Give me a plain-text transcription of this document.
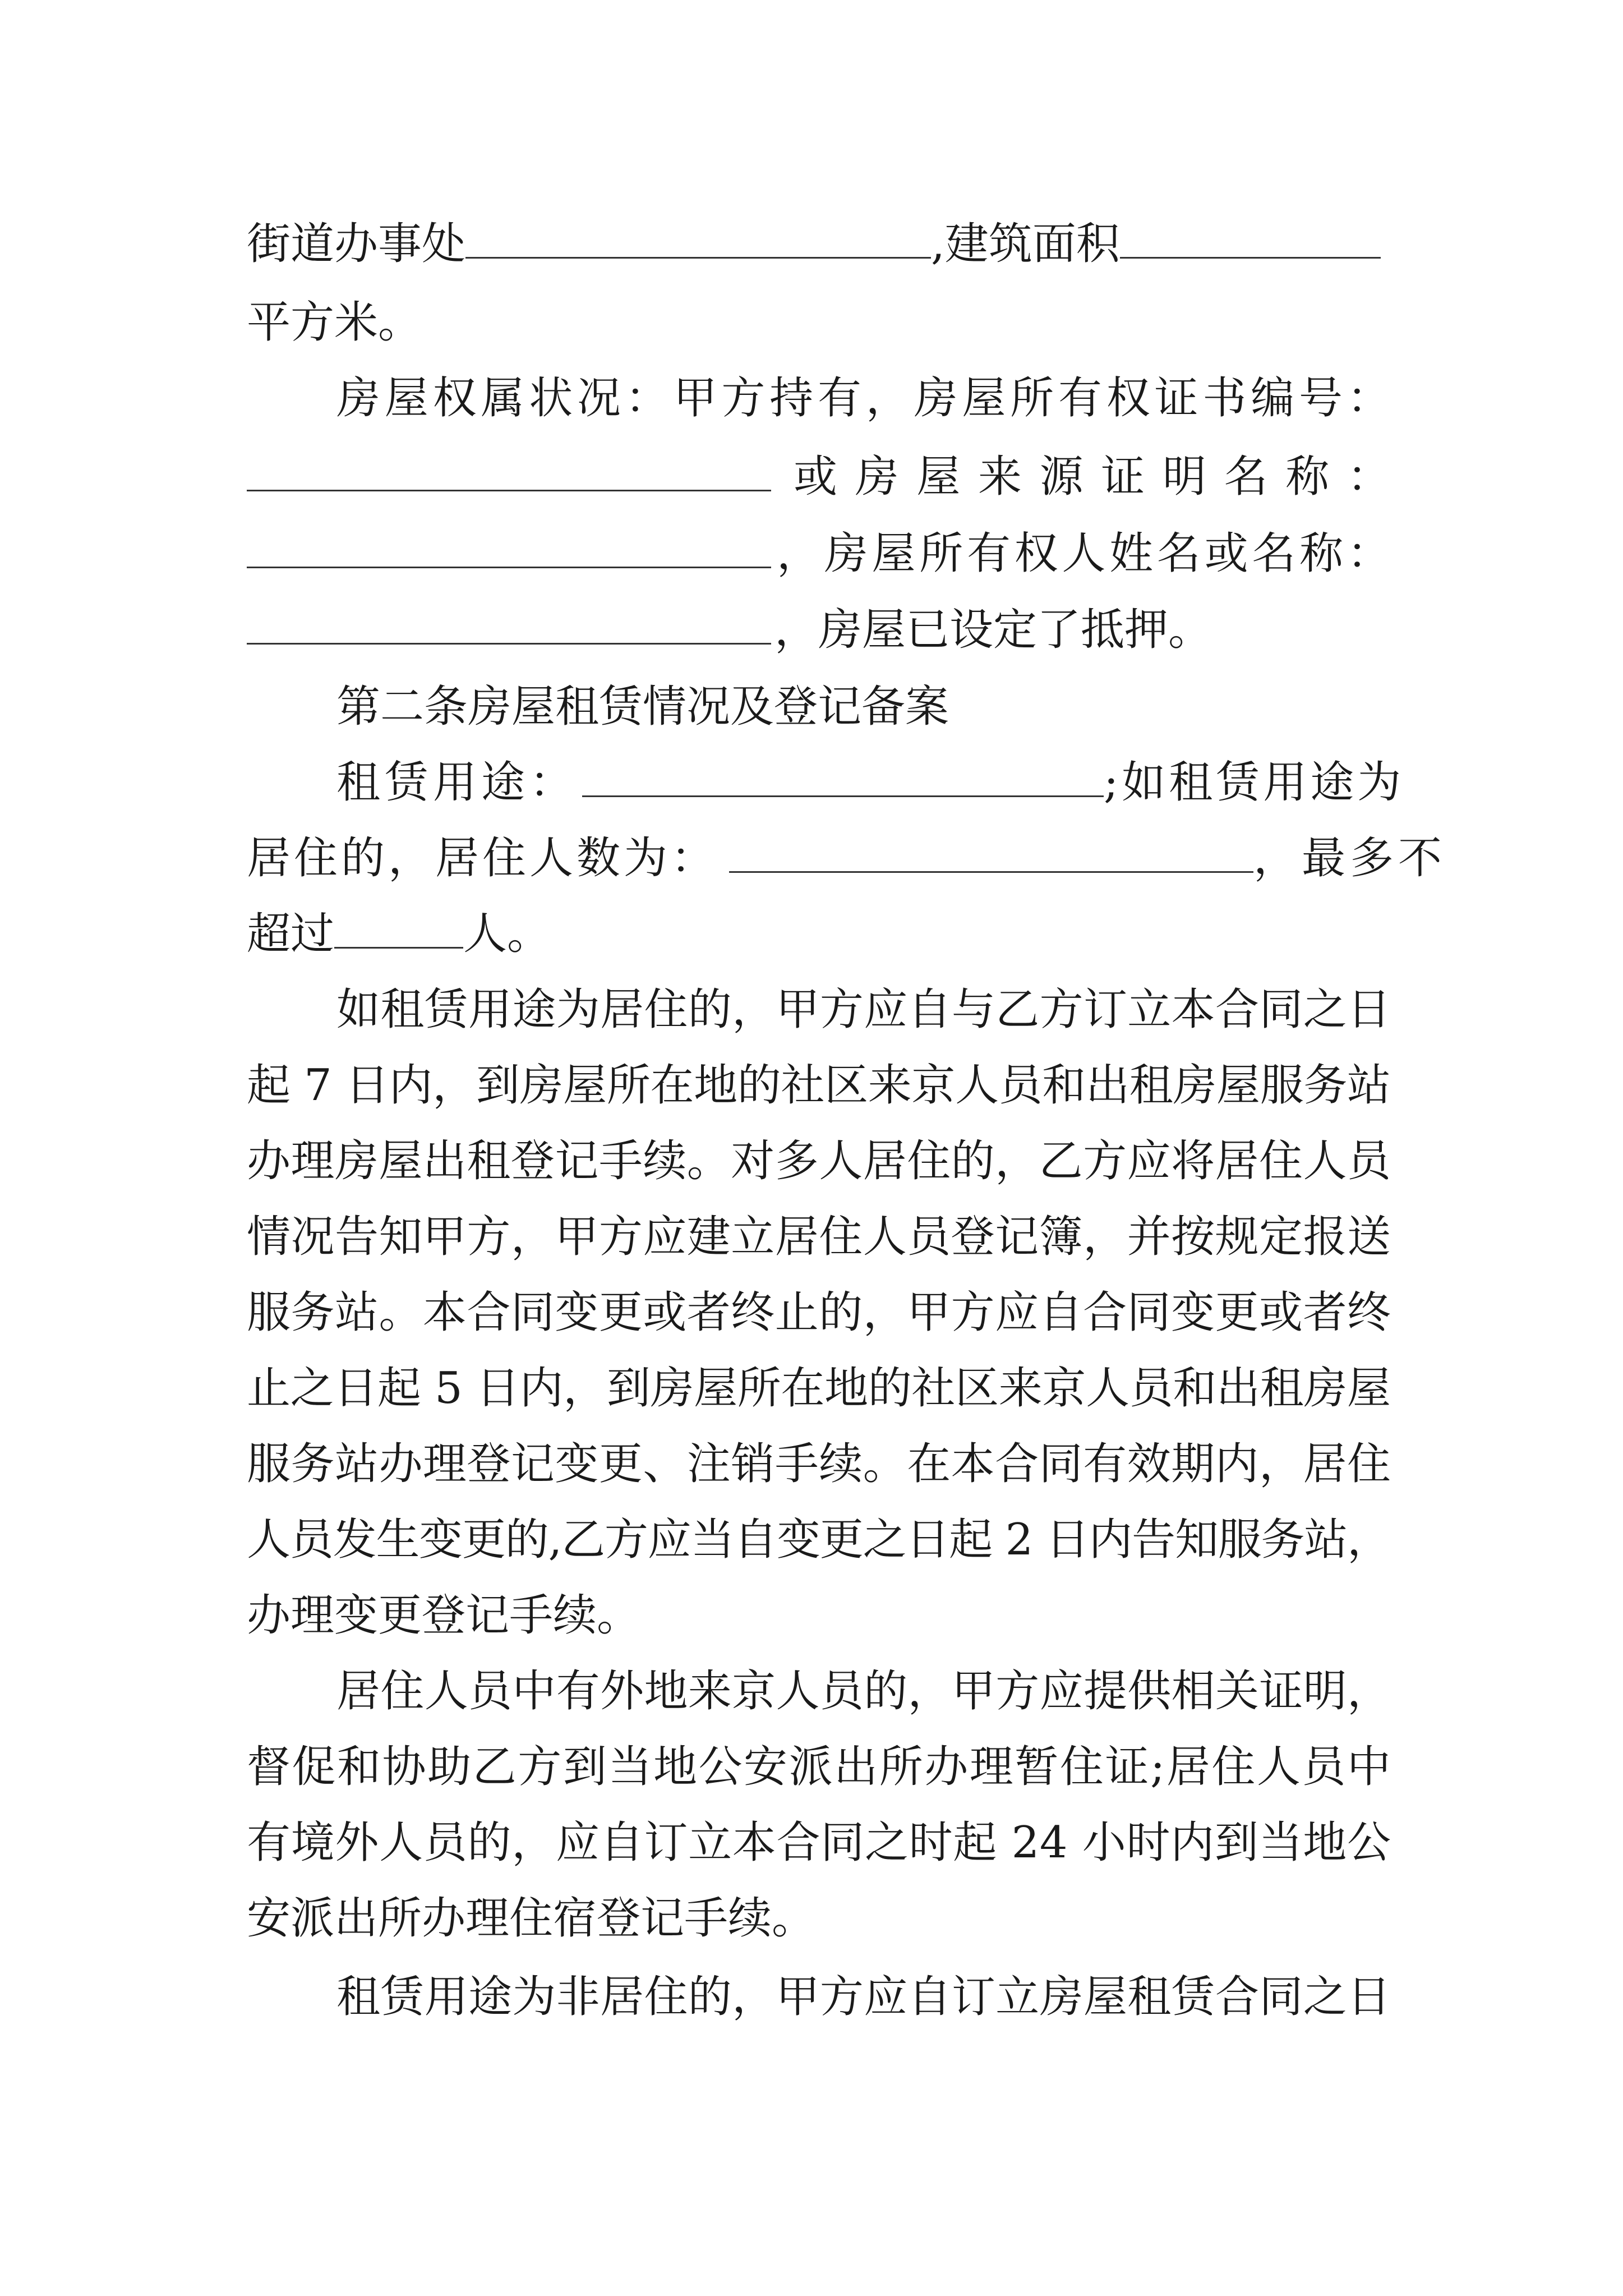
街道办事处	,建筑面积
平方米。
房 屋 权 属 状 况 ： 甲 方 持 有 ， 房 屋 所 有 权 证 书 编 号 ：
或 房 屋 来 源 证 明 名 称 ：
， 房 屋 所 有 权 人 姓 名 或 名 称 ：
，房屋已设定了抵押。
第二条房屋租赁情况及登记备案
租赁用途：	;如租赁用途为
居住的，居住人数为：	，最多不
超过	人。
如租赁用途为居住的，甲方应自与乙方订立本合同之日
起 7 日内，到房屋所在地的社区来京人员和出租房屋服务站
办理房屋出租登记手续。对多人居住的，乙方应将居住人员
情况告知甲方，甲方应建立居住人员登记簿，并按规定报送
服务站。本合同变更或者终止的，甲方应自合同变更或者终
止之日起 5 日内，到房屋所在地的社区来京人员和出租房屋
服务站办理登记变更、注销手续。在本合同有效期内，居住
人员发生变更的,乙方应当自变更之日起 2 日内告知服务站，
办理变更登记手续。
居住人员中有外地来京人员的，甲方应提供相关证明，
督促和协助乙方到当地公安派出所办理暂住证;居住人员中
有境外人员的，应自订立本合同之时起 24 小时内到当地公
安派出所办理住宿登记手续。
租赁用途为非居住的，甲方应自订立房屋租赁合同之日
